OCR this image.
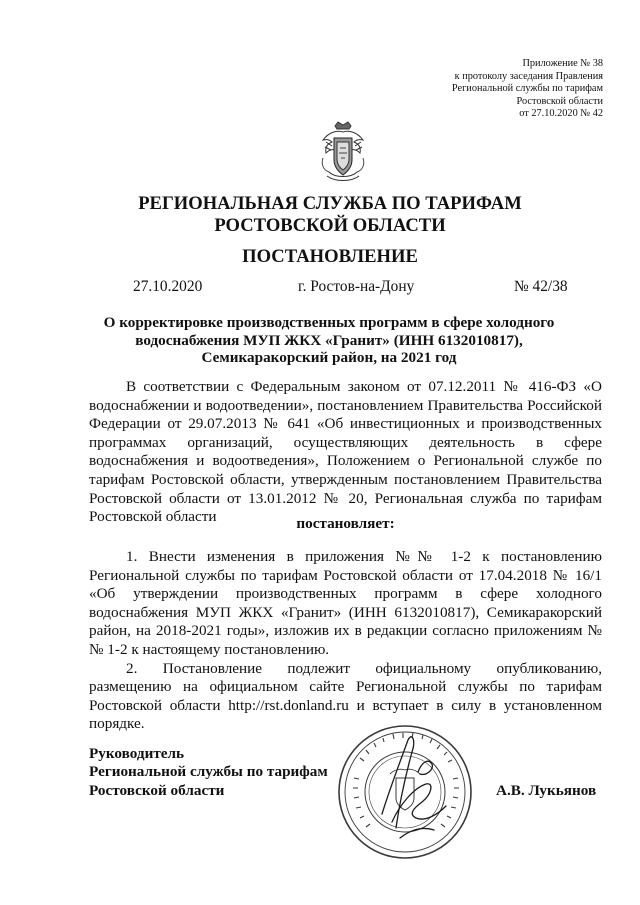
Приложение № 38
к протоколу заседания Правления
Региональной службы по тарифам
Ростовской области
от 27.10.2020 № 42
РЕГИОНАЛЬНАЯ СЛУЖБА ПО ТАРИФАМ
РОСТОВСКОЙ ОБЛАСТИ
ПОСТАНОВЛЕНИЕ
27.10.2020	г. Ростов-на-Дону	№ 42/38
О корректировке производственных программ в сфере холодного
водоснабжения МУП ЖКХ «Гранит» (ИНН 6132010817),
Семикаракорский район, на 2021 год

В соответствии с Федеральным законом от 07.12.2011 № 416-ФЗ «О водоснабжении и водоотведении», постановлением Правительства Российской Федерации от 29.07.2013 № 641 «Об инвестиционных и производственных программах организаций, осуществляющих деятельность в сфере водоснабжения и водоотведения», Положением о Региональной службе по тарифам Ростовской области, утвержденным постановлением Правительства Ростовской области от 13.01.2012 № 20, Региональная служба по тарифам Ростовской области	постановляет:

1. Внести изменения в приложения №№ 1-2 к постановлению Региональной службы по тарифам Ростовской области от 17.04.2018 № 16/1 «Об утверждении производственных программ в сфере холодного водоснабжения МУП ЖКХ «Гранит» (ИНН 6132010817), Семикаракорский район, на 2018-2021 годы», изложив их в редакции согласно приложениям №№ 1-2 к настоящему постановлению.

2. Постановление подлежит официальному опубликованию, размещению на официальном сайте Региональной службы по тарифам Ростовской области http://rst.donland.ru и вступает в силу в установленном порядке.

Руководитель
Региональной службы по тарифам
Ростовской области	А.В. Лукьянов
